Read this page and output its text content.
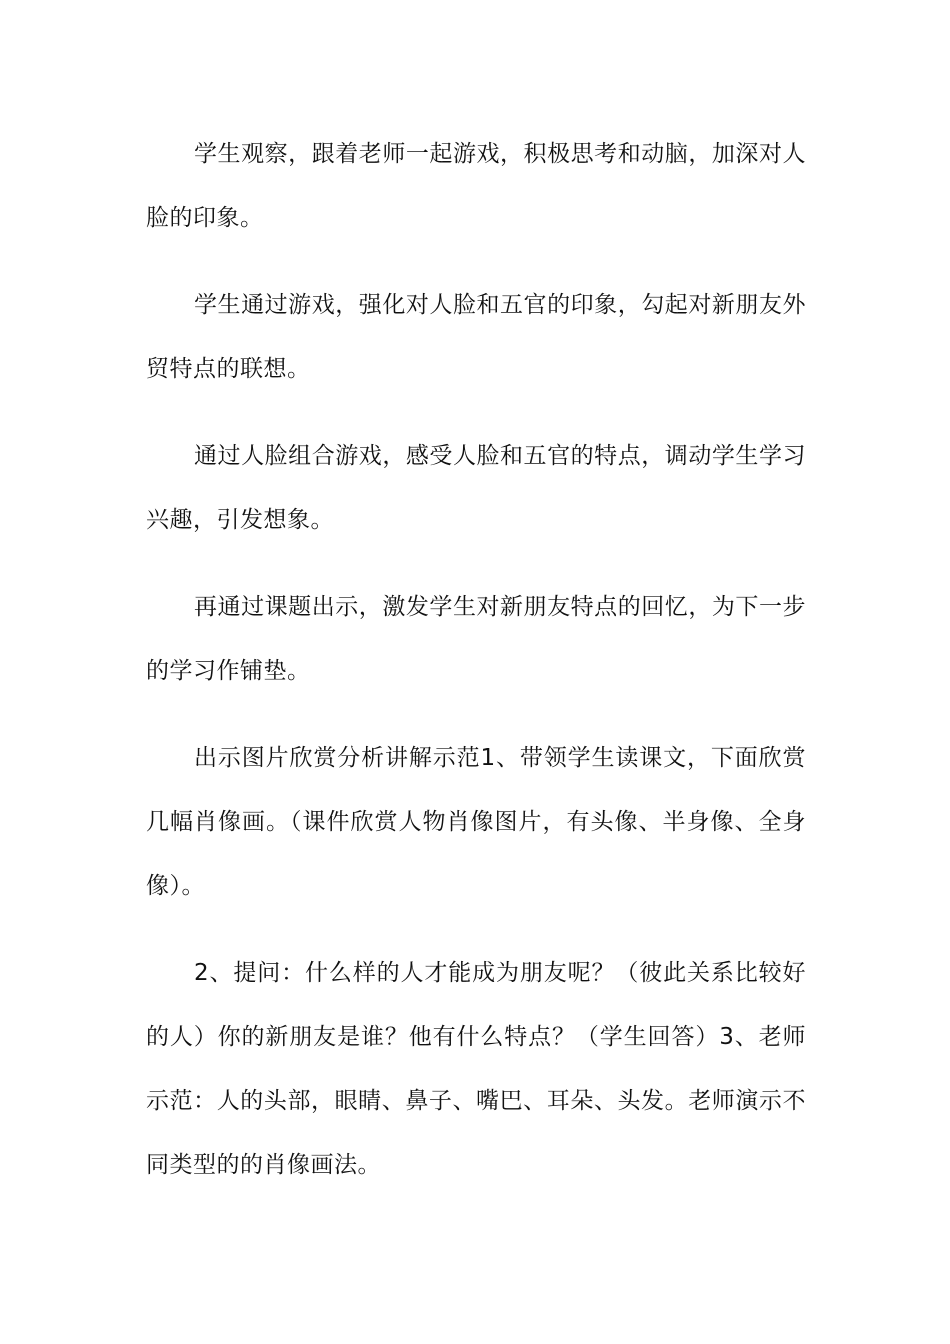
学生观察，跟着老师一起游戏，积极思考和动脑，加深对人脸的印象。

学生通过游戏，强化对人脸和五官的印象，勾起对新朋友外贸特点的联想。

通过人脸组合游戏，感受人脸和五官的特点，调动学生学习兴趣，引发想象。

再通过课题出示，激发学生对新朋友特点的回忆，为下一步的学习作铺垫。

出示图片欣赏分析讲解示范1、带领学生读课文，下面欣赏几幅肖像画。（课件欣赏人物肖像图片，有头像、半身像、全身像）。

2、提问：什么样的人才能成为朋友呢？（彼此关系比较好的人）你的新朋友是谁？他有什么特点？（学生回答）3、老师示范：人的头部，眼睛、鼻子、嘴巴、耳朵、头发。老师演示不同类型的的肖像画法。
